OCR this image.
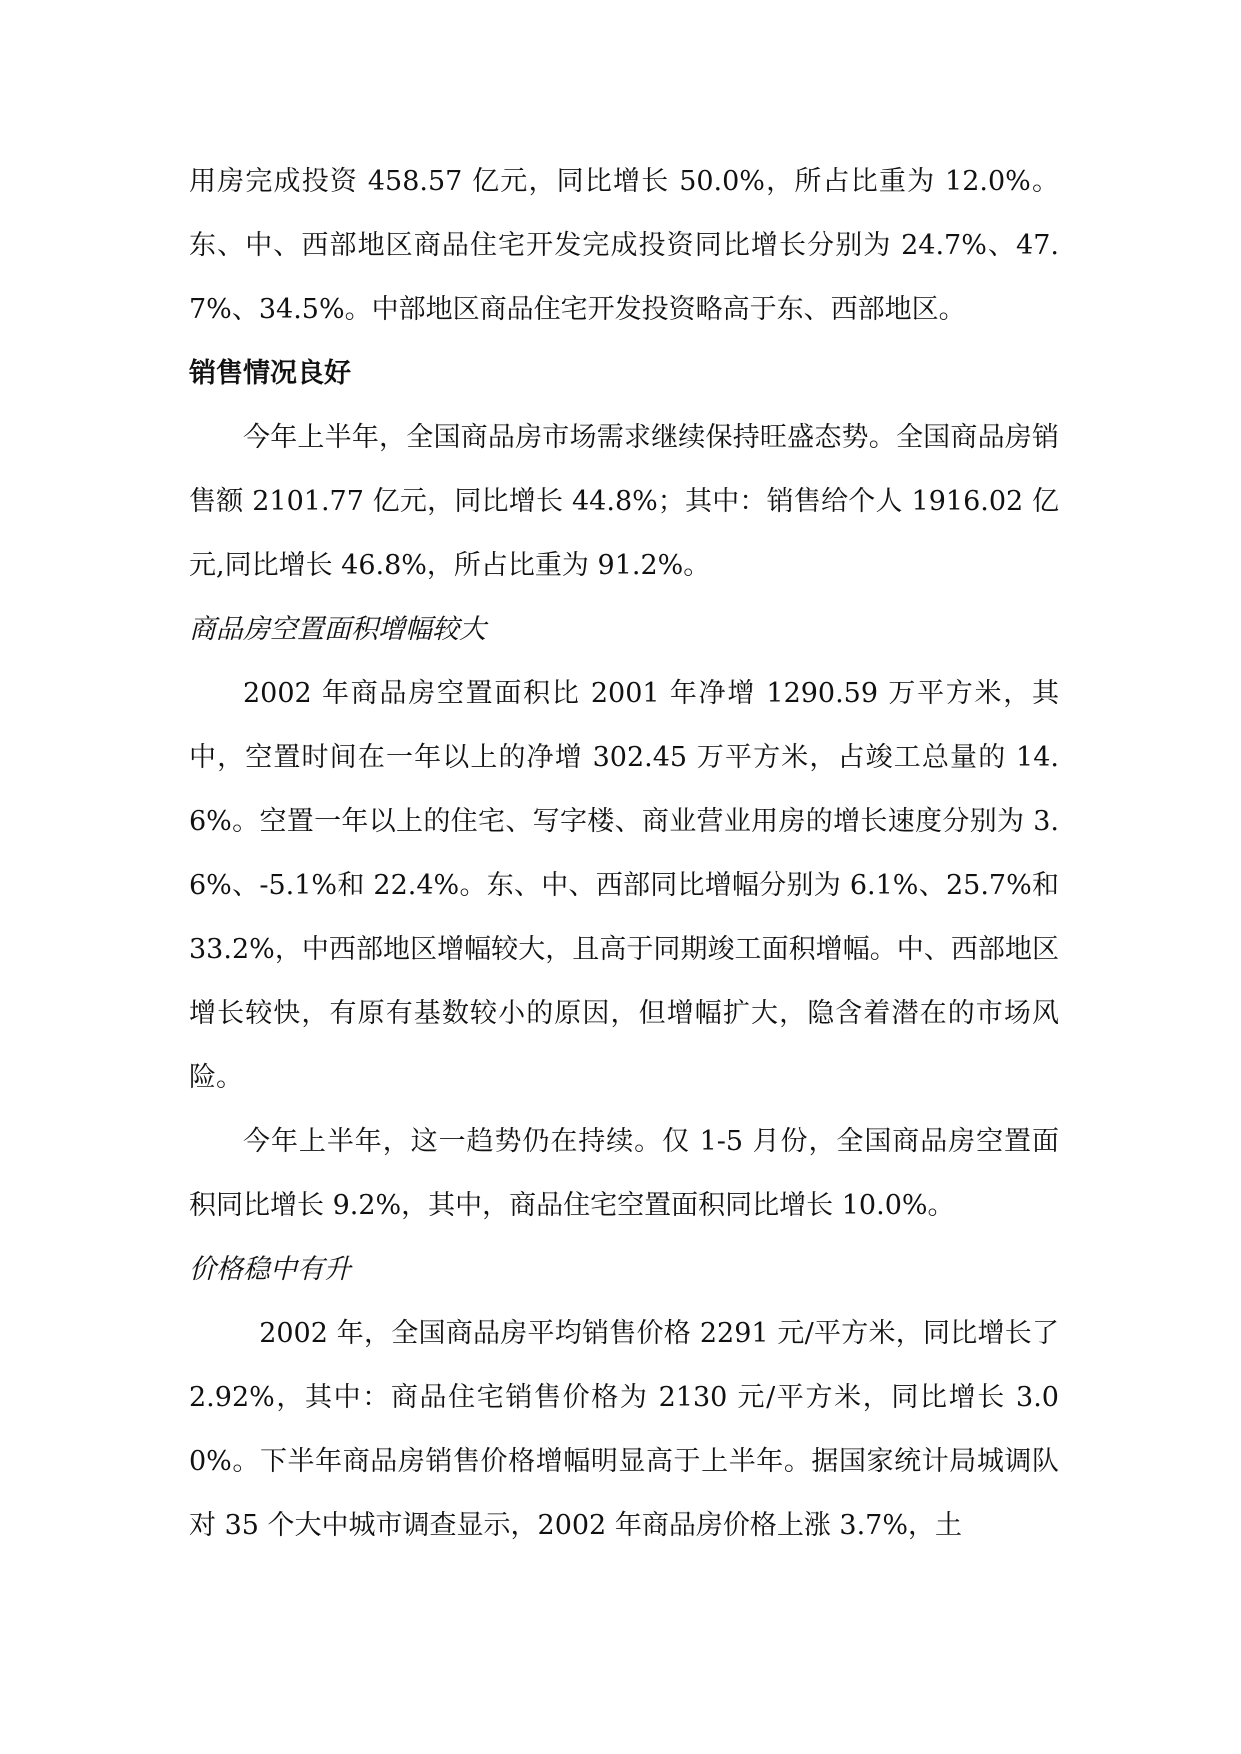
用房完成投资 458.57 亿元，同比增长 50.0%，所占比重为 12.0%。东、中、西部地区商品住宅开发完成投资同比增长分别为 24.7%、47.7%、34.5%。中部地区商品住宅开发投资略高于东、西部地区。

销售情况良好

今年上半年，全国商品房市场需求继续保持旺盛态势。全国商品房销售额 2101.77 亿元，同比增长 44.8%；其中：销售给个人 1916.02 亿元,同比增长 46.8%，所占比重为 91.2%。

商品房空置面积增幅较大

2002 年商品房空置面积比 2001 年净增 1290.59 万平方米，其中，空置时间在一年以上的净增 302.45 万平方米，占竣工总量的 14.6%。空置一年以上的住宅、写字楼、商业营业用房的增长速度分别为 3.6%、-5.1%和 22.4%。东、中、西部同比增幅分别为 6.1%、25.7%和 33.2%，中西部地区增幅较大，且高于同期竣工面积增幅。中、西部地区增长较快，有原有基数较小的原因，但增幅扩大，隐含着潜在的市场风险。

今年上半年，这一趋势仍在持续。仅 1-5 月份，全国商品房空置面积同比增长 9.2%，其中，商品住宅空置面积同比增长 10.0%。

价格稳中有升

2002 年，全国商品房平均销售价格 2291 元/平方米，同比增长了 2.92%，其中：商品住宅销售价格为 2130 元/平方米，同比增长 3.00%。下半年商品房销售价格增幅明显高于上半年。据国家统计局城调队对 35 个大中城市调查显示，2002 年商品房价格上涨 3.7%，土
